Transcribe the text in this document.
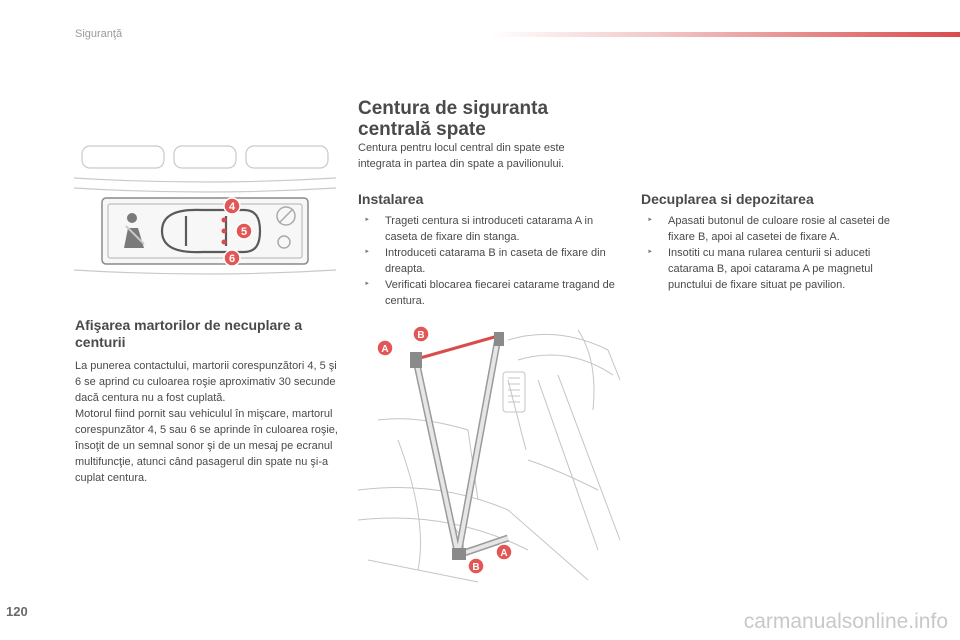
Siguranţă
4
5
6
Afişarea martorilor de necuplare a centurii
La punerea contactului, martorii corespunzători 4, 5 şi 6 se aprind cu culoarea roşie aproximativ 30 secunde dacă centura nu a fost cuplată.
Motorul fiind pornit sau vehiculul în mişcare, martorul corespunzător 4, 5 sau 6 se aprinde în culoarea roşie, însoţit de un semnal sonor şi de un mesaj pe ecranul multifuncţie, atunci când pasagerul din spate nu şi-a cuplat centura.
Centura de siguranta
centrală spate
Centura pentru locul central din spate este integrata in partea din spate a pavilionului.
Instalarea
‣ Trageti centura si introduceti catarama A in caseta de fixare din stanga.
‣ Introduceti catarama B in caseta de fixare din dreapta.
‣ Verificati blocarea fiecarei catarame tragand de centura.
Decuplarea si depozitarea
‣ Apasati butonul de culoare rosie al casetei de fixare B, apoi al casetei de fixare A.
‣ Insotiti cu mana rularea centurii si aduceti catarama B, apoi catarama A pe magnetul punctului de fixare situat pe pavilion.
B
A
A
B
120	carmanualsonline.info
